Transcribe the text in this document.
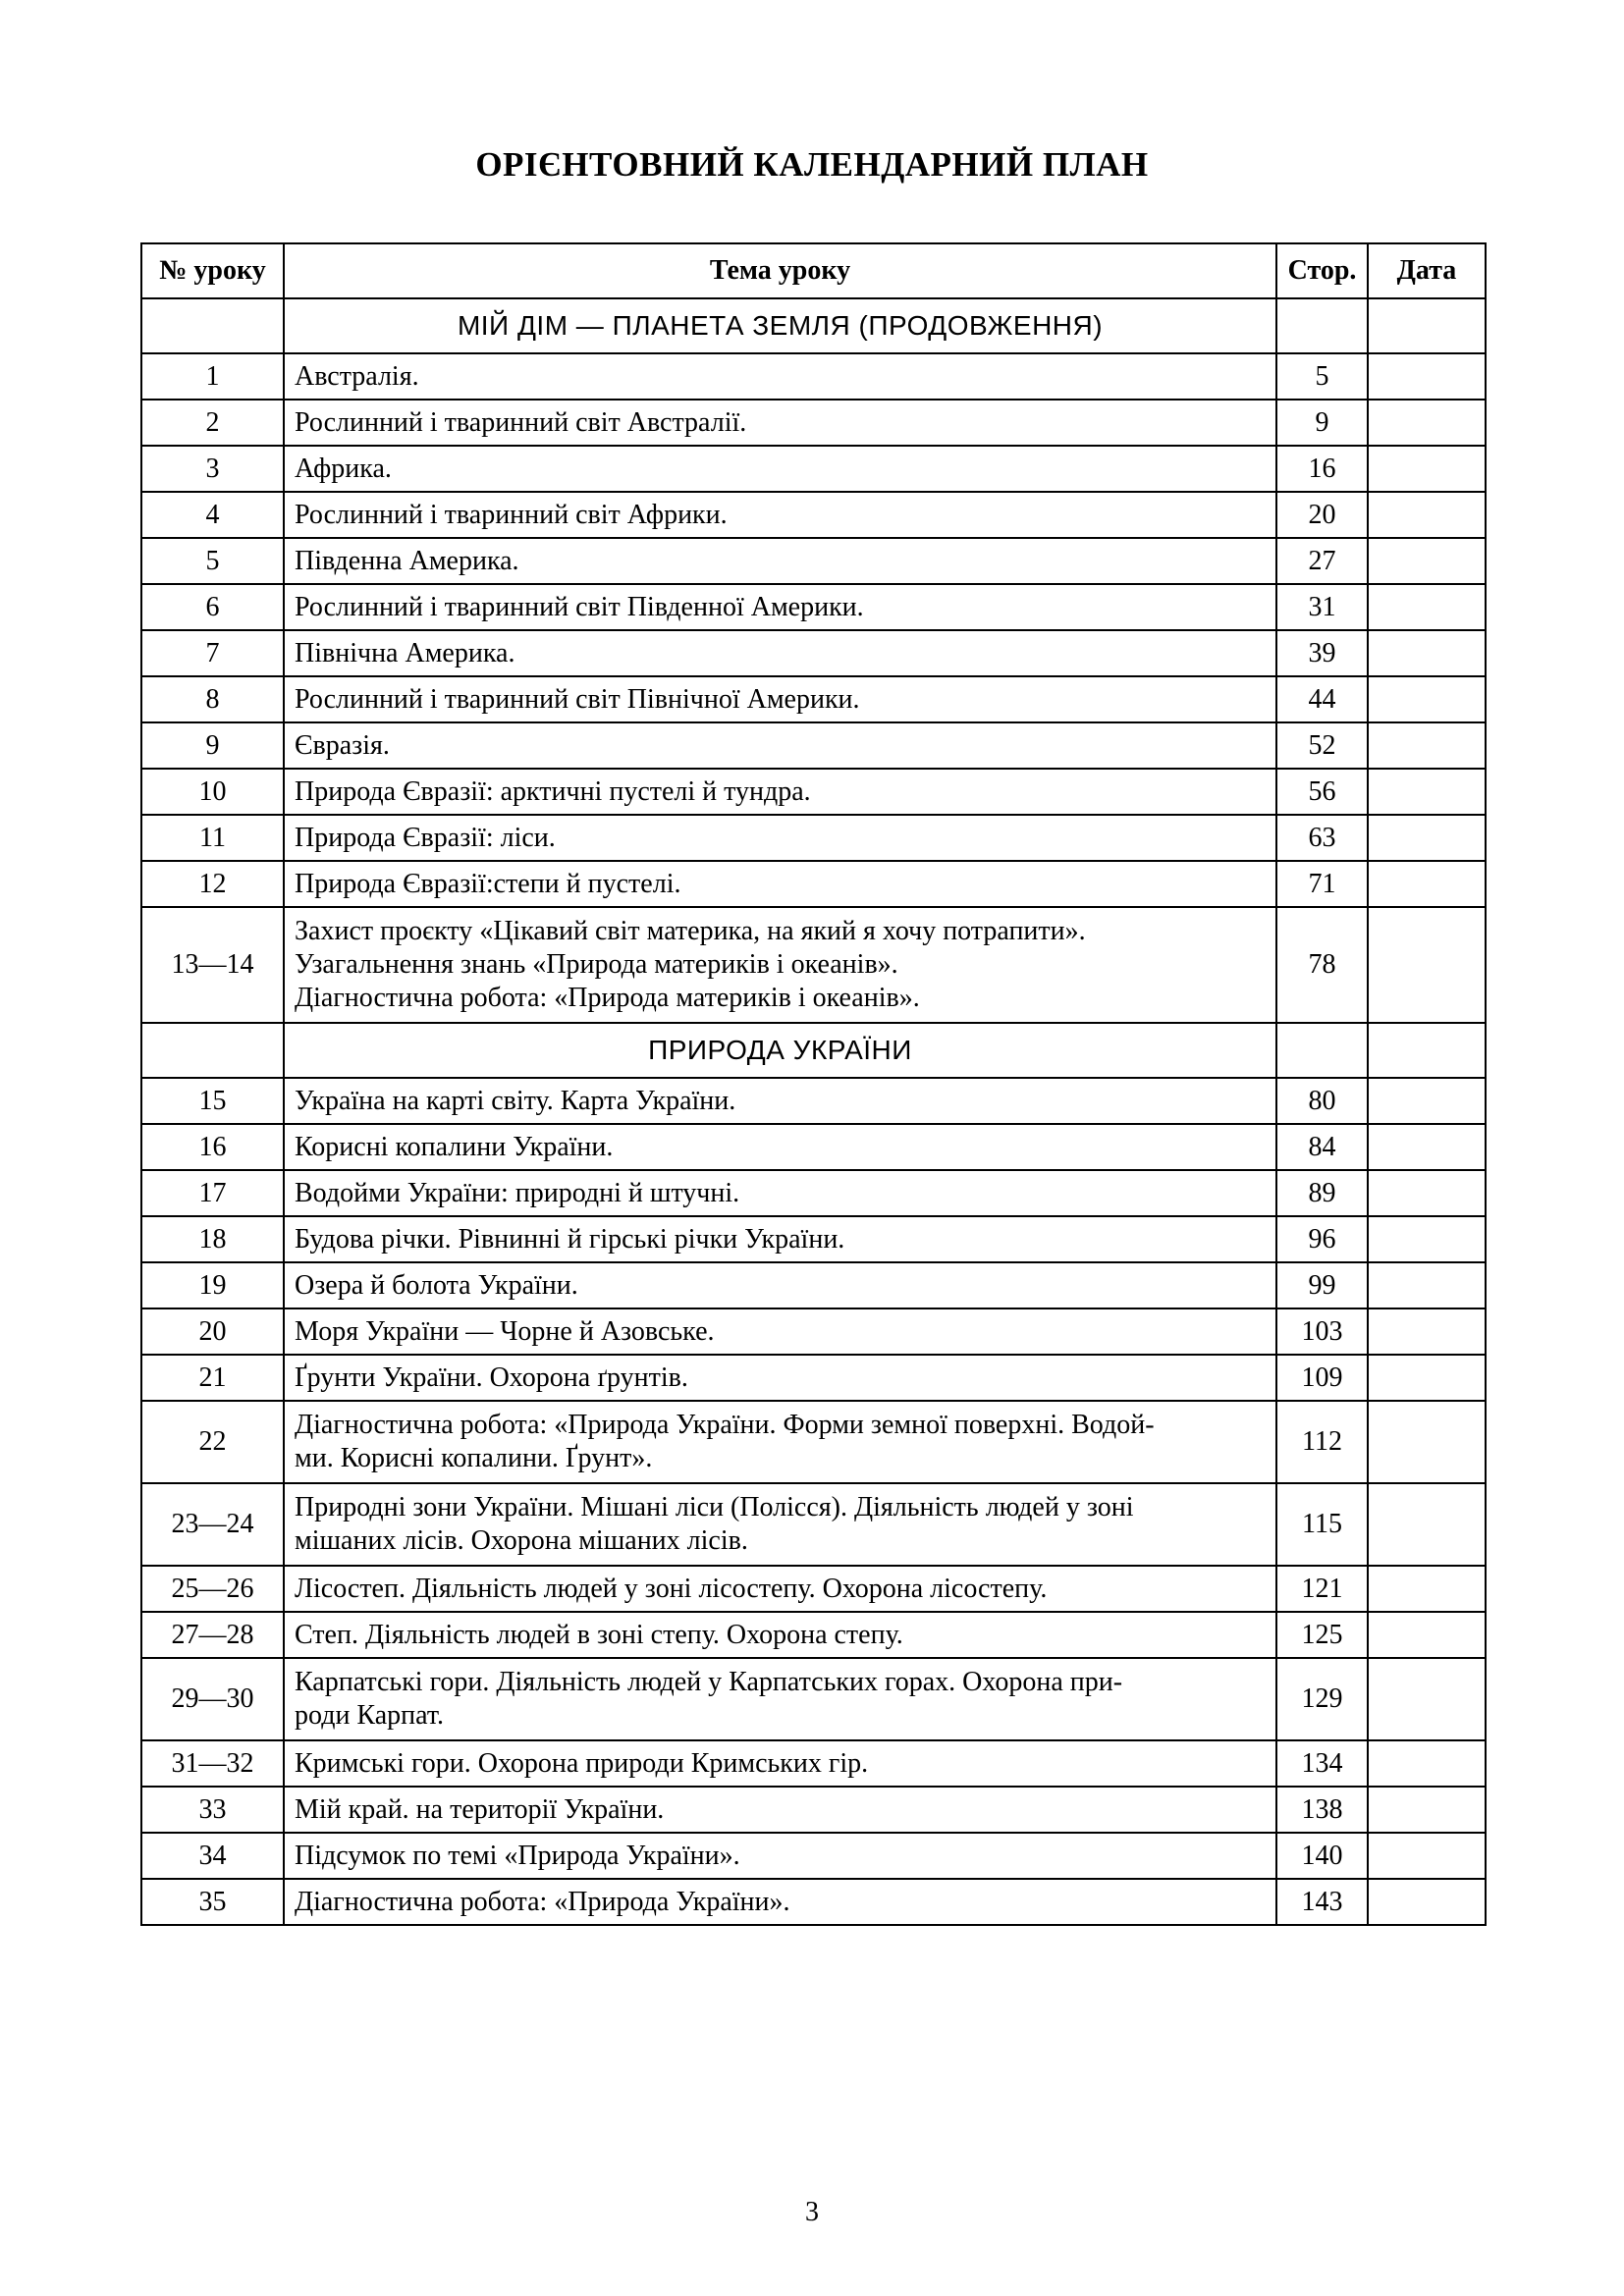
ОРІЄНТОВНИЙ КАЛЕНДАРНИЙ ПЛАН
№ уроку	Тема уроку	Стор.	Дата
	МІЙ ДІМ — ПЛАНЕТА ЗЕМЛЯ (ПРОДОВЖЕННЯ)		
1	Австралія.	5	
2	Рослинний і тваринний світ Австралії.	9	
3	Африка.	16	
4	Рослинний і тваринний світ Африки.	20	
5	Південна Америка.	27	
6	Рослинний і тваринний світ Південної Америки.	31	
7	Північна Америка.	39	
8	Рослинний і тваринний світ Північної Америки.	44	
9	Євразія.	52	
10	Природа Євразії: арктичні пустелі й тундра.	56	
11	Природа Євразії: ліси.	63	
12	Природа Євразії:степи й пустелі.	71	
13—14	Захист проєкту «Цікавий світ материка, на який я хочу потрапити».
Узагальнення знань «Природа материків і океанів».
Діагностична робота: «Природа материків і океанів».	78	
	ПРИРОДА УКРАЇНИ		
15	Україна на карті світу. Карта України.	80	
16	Корисні копалини України.	84	
17	Водойми України: природні й штучні.	89	
18	Будова річки. Рівнинні й гірські річки України.	96	
19	Озера й болота України.	99	
20	Моря України — Чорне й Азовське.	103	
21	Ґрунти України. Охорона ґрунтів.	109	
22	Діагностична робота: «Природа України. Форми земної поверхні. Водой-
ми. Корисні копалини. Ґрунт».	112	
23—24	Природні зони України. Мішані ліси (Полісся). Діяльність людей у зоні
мішаних лісів. Охорона мішаних лісів.	115	
25—26	Лісостеп. Діяльність людей у зоні лісостепу. Охорона лісостепу.	121	
27—28	Степ. Діяльність людей в зоні степу. Охорона степу.	125	
29—30	Карпатські гори. Діяльність людей у Карпатських горах. Охорона при-
роди Карпат.	129	
31—32	Кримські гори. Охорона природи Кримських гір.	134	
33	Мій край. на території України.	138	
34	Підсумок по темі «Природа України».	140	
35	Діагностична робота: «Природа України».	143	
3
